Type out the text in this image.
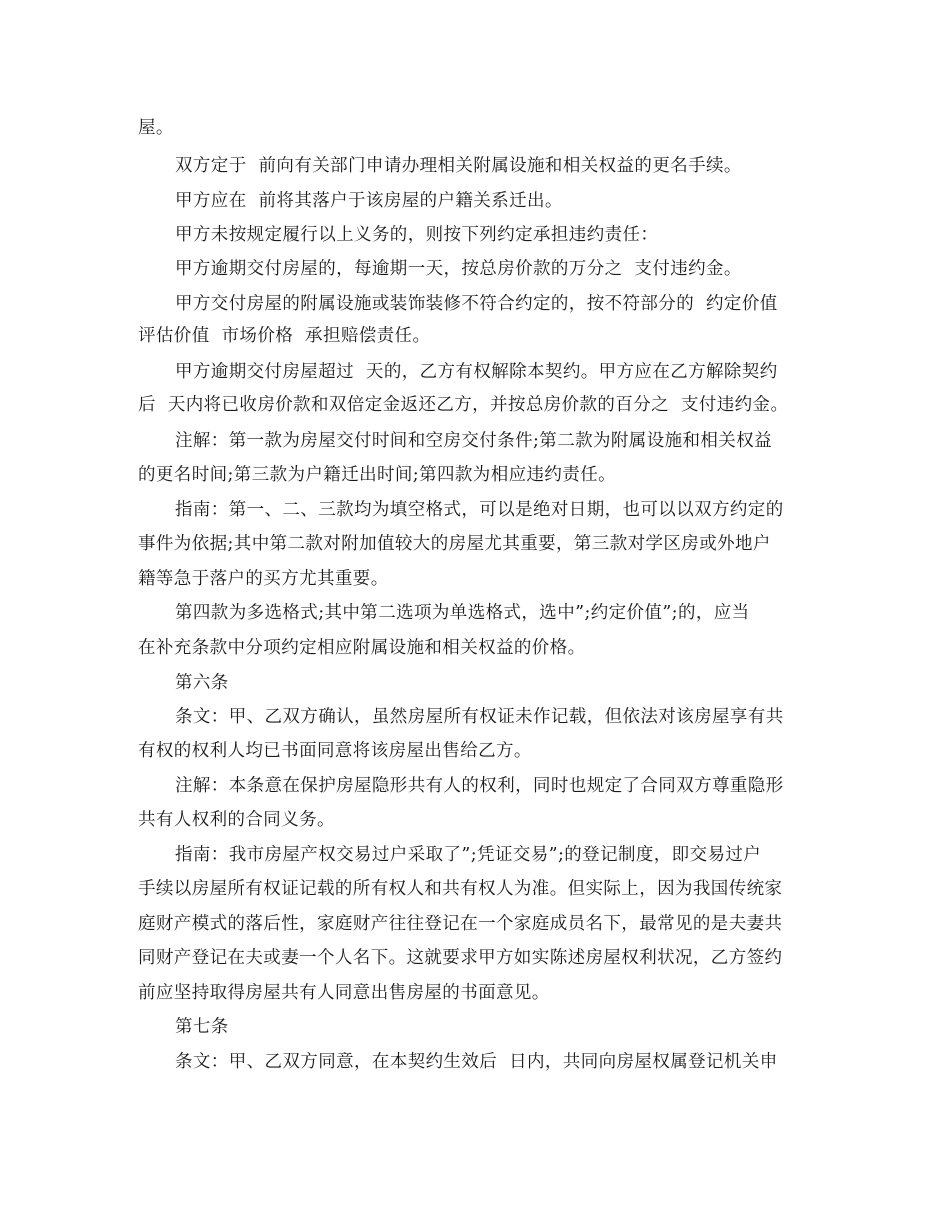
屋。
双方定于  前向有关部门申请办理相关附属设施和相关权益的更名手续。
甲方应在  前将其落户于该房屋的户籍关系迁出。
甲方未按规定履行以上义务的，则按下列约定承担违约责任：
甲方逾期交付房屋的，每逾期一天，按总房价款的万分之  支付违约金。
甲方交付房屋的附属设施或装饰装修不符合约定的，按不符部分的  约定价值
评估价值  市场价格  承担赔偿责任。
甲方逾期交付房屋超过  天的，乙方有权解除本契约。甲方应在乙方解除契约
后  天内将已收房价款和双倍定金返还乙方，并按总房价款的百分之  支付违约金。
注解：第一款为房屋交付时间和空房交付条件;第二款为附属设施和相关权益
的更名时间;第三款为户籍迁出时间;第四款为相应违约责任。
指南：第一、二、三款均为填空格式，可以是绝对日期，也可以以双方约定的
事件为依据;其中第二款对附加值较大的房屋尤其重要，第三款对学区房或外地户
籍等急于落户的买方尤其重要。
第四款为多选格式;其中第二选项为单选格式，选中”;约定价值”;的，应当
在补充条款中分项约定相应附属设施和相关权益的价格。
第六条
条文：甲、乙双方确认，虽然房屋所有权证未作记载，但依法对该房屋享有共
有权的权利人均已书面同意将该房屋出售给乙方。
注解：本条意在保护房屋隐形共有人的权利，同时也规定了合同双方尊重隐形
共有人权利的合同义务。
指南：我市房屋产权交易过户采取了”;凭证交易”;的登记制度，即交易过户
手续以房屋所有权证记载的所有权人和共有权人为准。但实际上，因为我国传统家
庭财产模式的落后性，家庭财产往往登记在一个家庭成员名下，最常见的是夫妻共
同财产登记在夫或妻一个人名下。这就要求甲方如实陈述房屋权利状况，乙方签约
前应坚持取得房屋共有人同意出售房屋的书面意见。
第七条
条文：甲、乙双方同意，在本契约生效后  日内，共同向房屋权属登记机关申
